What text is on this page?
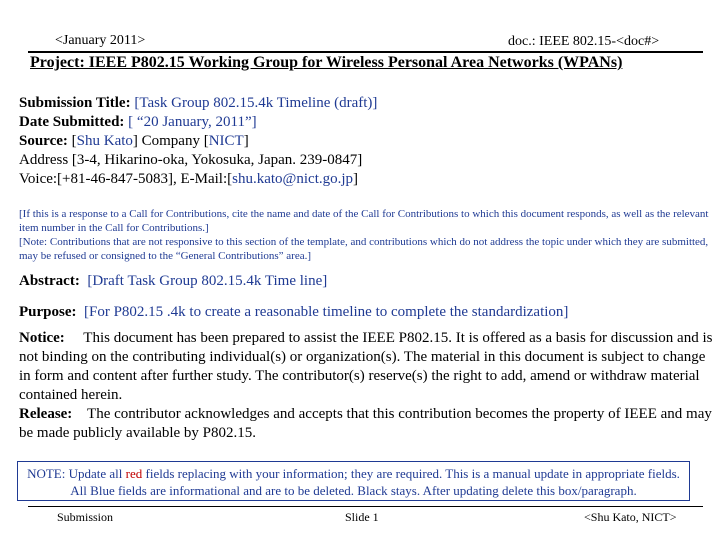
<January 2011>	doc.: IEEE 802.15-<doc#>
Project: IEEE P802.15 Working Group for Wireless Personal Area Networks (WPANs)
Submission Title: [Task Group 802.15.4k Timeline (draft)]
Date Submitted: [ “20 January, 2011”]
Source: [Shu Kato] Company [NICT]
Address [3-4, Hikarino-oka, Yokosuka, Japan. 239-0847]
Voice:[+81-46-847-5083], E-Mail:[shu.kato@nict.go.jp]
[If this is a response to a Call for Contributions, cite the name and date of the Call for Contributions to which this document responds, as well as the relevant item number in the Call for Contributions.]
[Note: Contributions that are not responsive to this section of the template, and contributions which do not address the topic under which they are submitted, may be refused or consigned to the “General Contributions” area.]
Abstract: [Draft Task Group 802.15.4k Time line]
Purpose: [For P802.15 .4k to create a reasonable timeline to complete the standardization]

Notice: This document has been prepared to assist the IEEE P802.15. It is offered as a basis for discussion and is not binding on the contributing individual(s) or organization(s). The material in this document is subject to change in form and content after further study. The contributor(s) reserve(s) the right to add, amend or withdraw material contained herein.

Release: The contributor acknowledges and accepts that this contribution becomes the property of IEEE and may be made publicly available by P802.15.

NOTE: Update all red fields replacing with your information; they are required. This is a manual update in appropriate fields. All Blue fields are informational and are to be deleted. Black stays. After updating delete this box/paragraph.
Submission	Slide 1	<Shu Kato, NICT>
